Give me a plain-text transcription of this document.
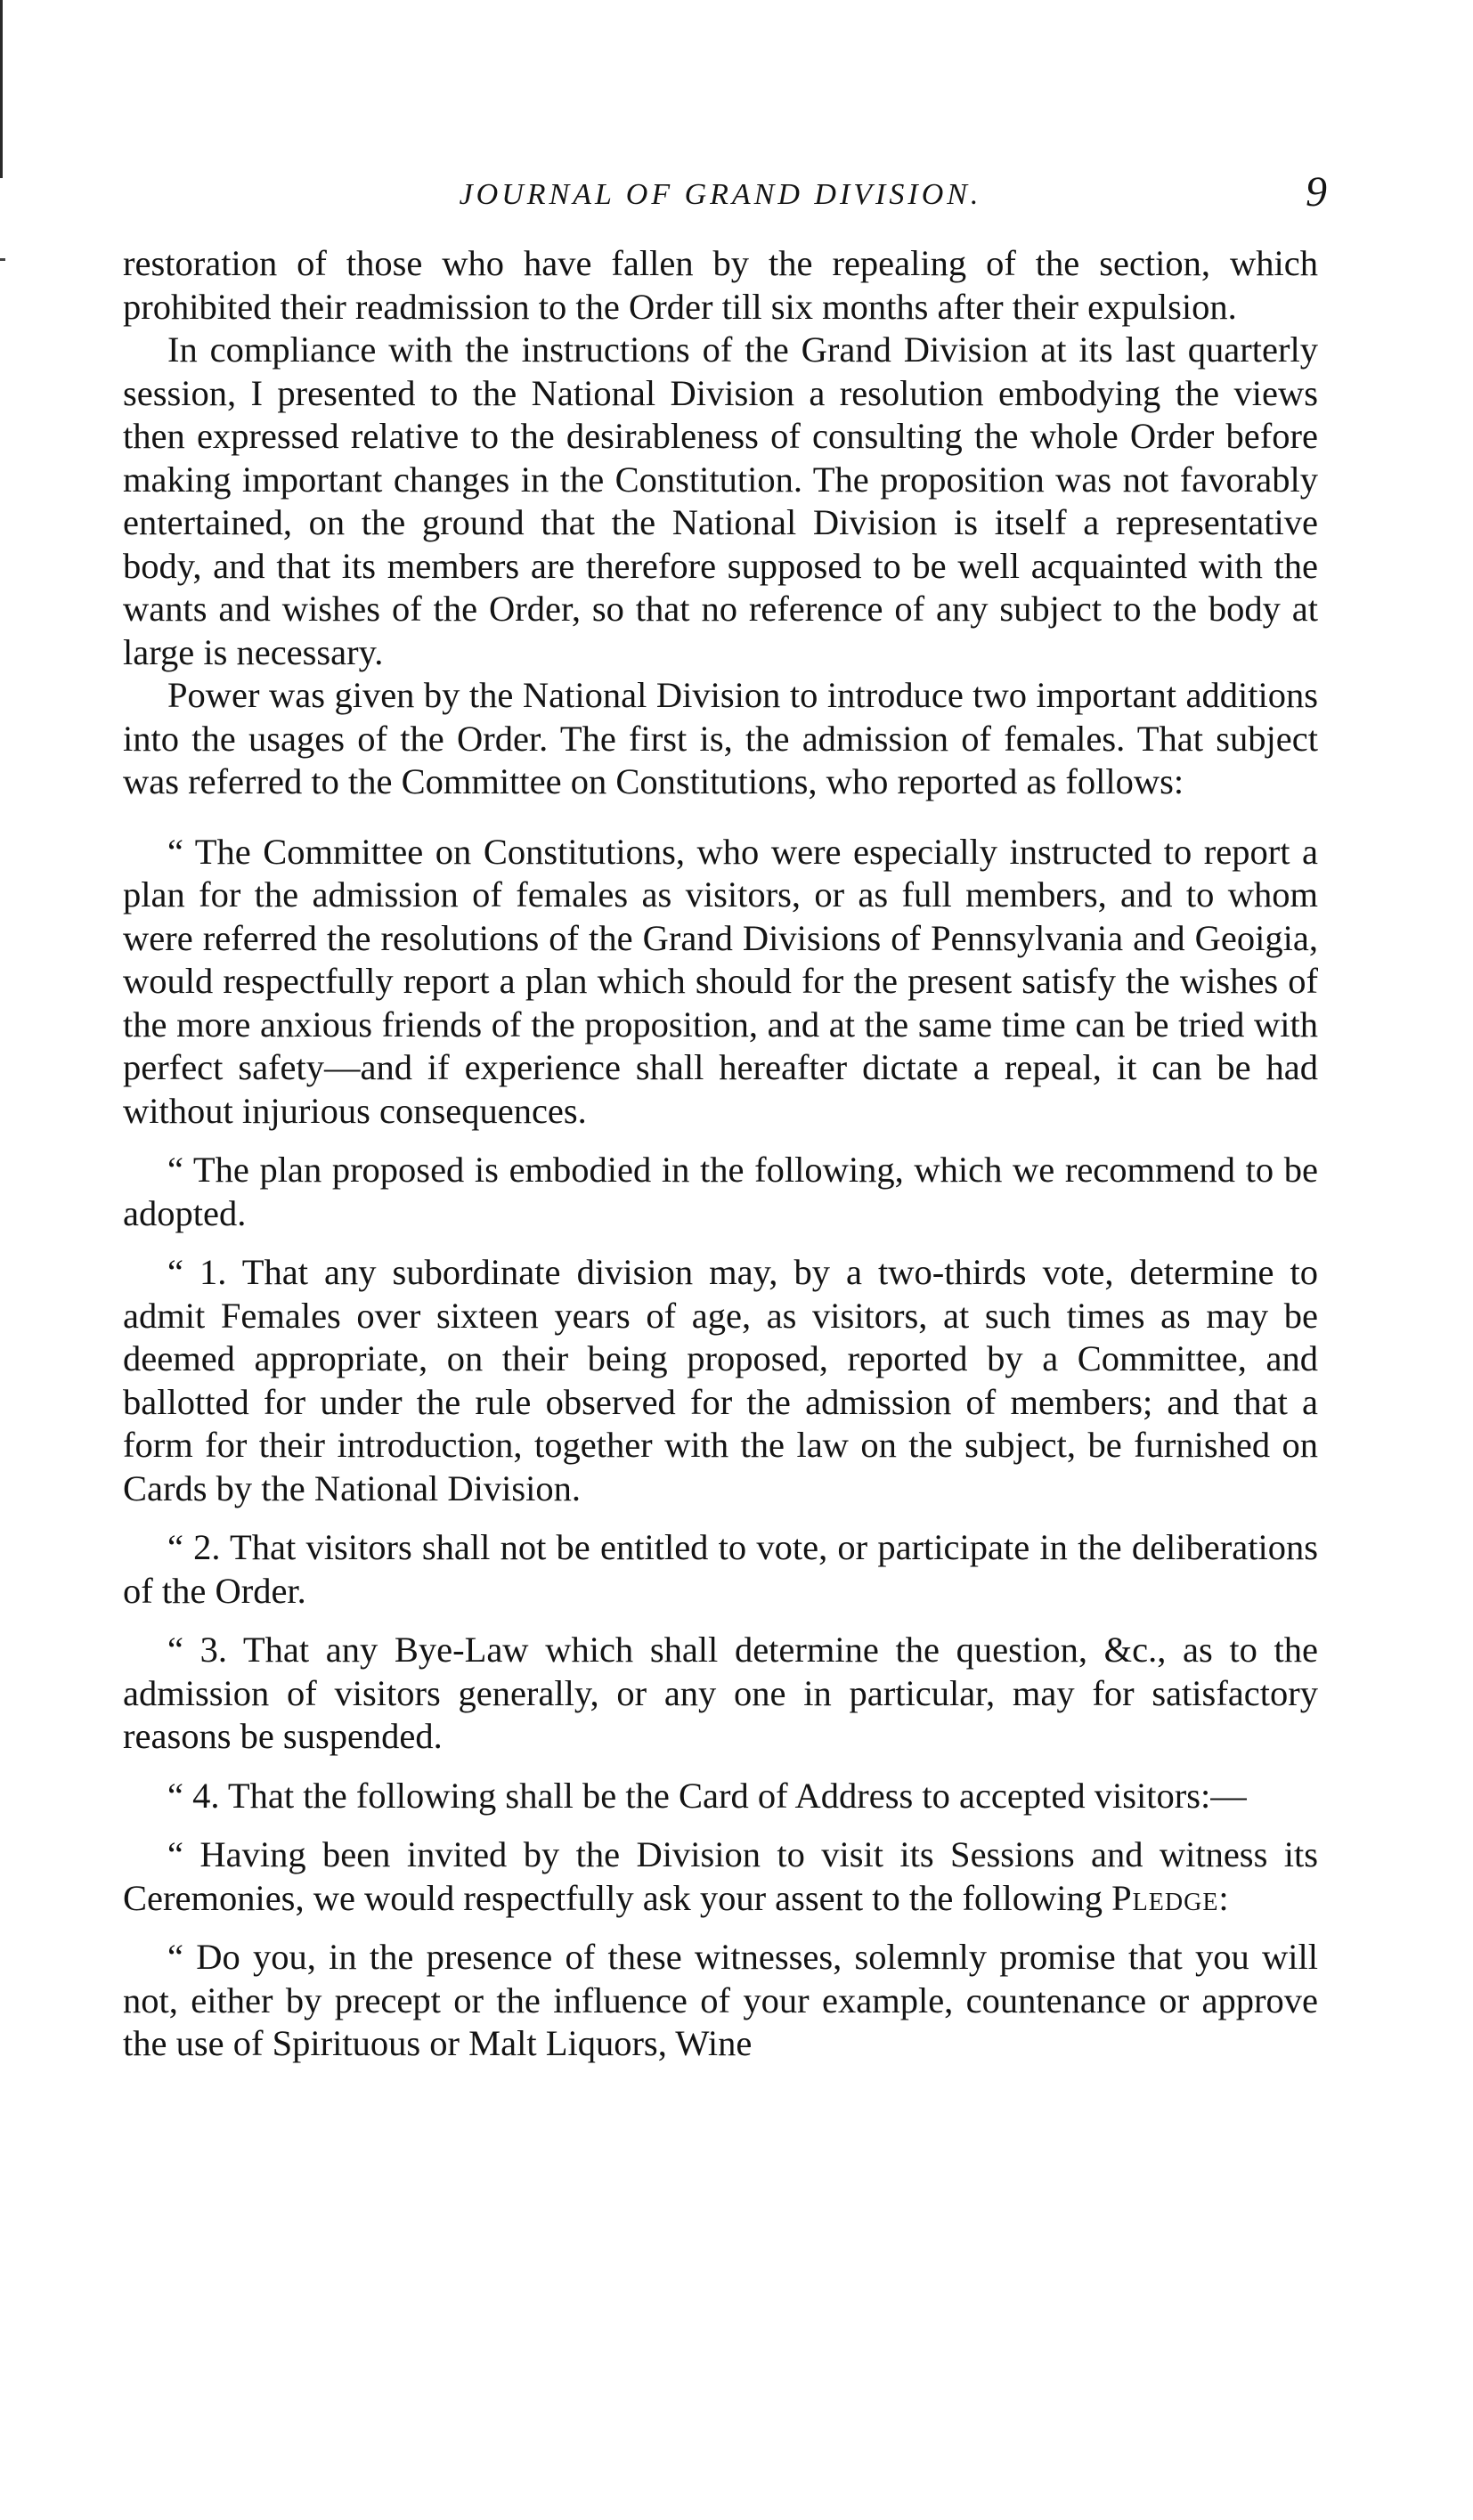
JOURNAL OF GRAND DIVISION.	9

restoration of those who have fallen by the repealing of the section, which prohibited their readmission to the Order till six months after their expulsion.

In compliance with the instructions of the Grand Division at its last quarterly session, I presented to the National Division a resolution embodying the views then expressed relative to the desirableness of consulting the whole Order before making important changes in the Constitution. The proposition was not favorably entertained, on the ground that the National Division is itself a representative body, and that its members are therefore supposed to be well acquainted with the wants and wishes of the Order, so that no reference of any subject to the body at large is necessary.

Power was given by the National Division to introduce two important additions into the usages of the Order. The first is, the admission of females. That subject was referred to the Committee on Constitutions, who reported as follows:

“ The Committee on Constitutions, who were especially instructed to report a plan for the admission of females as visitors, or as full members, and to whom were referred the resolutions of the Grand Divisions of Pennsylvania and Geoigia, would respectfully report a plan which should for the present satisfy the wishes of the more anxious friends of the proposition, and at the same time can be tried with perfect safety—and if experience shall hereafter dictate a repeal, it can be had without injurious consequences.

“ The plan proposed is embodied in the following, which we recommend to be adopted.

“ 1. That any subordinate division may, by a two-thirds vote, determine to admit Females over sixteen years of age, as visitors, at such times as may be deemed appropriate, on their being proposed, reported by a Committee, and ballotted for under the rule observed for the admission of members; and that a form for their introduction, together with the law on the subject, be furnished on Cards by the National Division.

“ 2. That visitors shall not be entitled to vote, or participate in the deliberations of the Order.

“ 3. That any Bye-Law which shall determine the question, &c., as to the admission of visitors generally, or any one in particular, may for satisfactory reasons be suspended.

“ 4. That the following shall be the Card of Address to accepted visitors:—

“ Having been invited by the Division to visit its Sessions and witness its Ceremonies, we would respectfully ask your assent to the following Pledge:

“ Do you, in the presence of these witnesses, solemnly promise that you will not, either by precept or the influence of your example, countenance or approve the use of Spirituous or Malt Liquors, Wine
